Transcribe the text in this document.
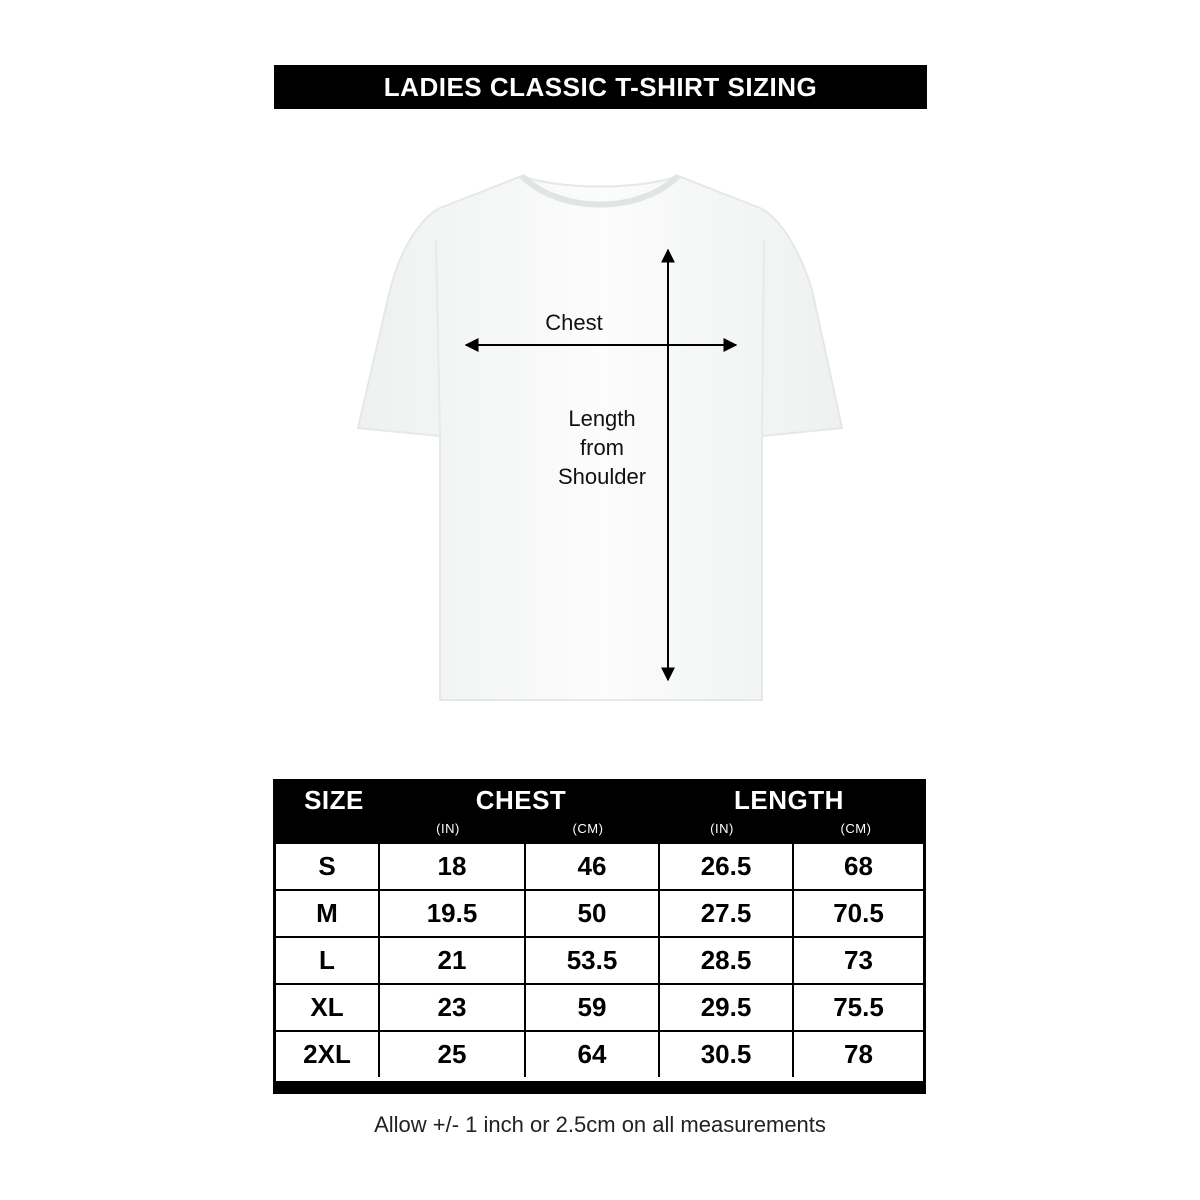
LADIES CLASSIC T-SHIRT SIZING
Chest
Length
from
Shoulder
SIZE	CHEST	LENGTH
(IN)	(CM)	(IN)	(CM)
S	18	46	26.5	68
M	19.5	50	27.5	70.5
L	21	53.5	28.5	73
XL	23	59	29.5	75.5
2XL	25	64	30.5	78
Allow +/- 1 inch or 2.5cm on all measurements
